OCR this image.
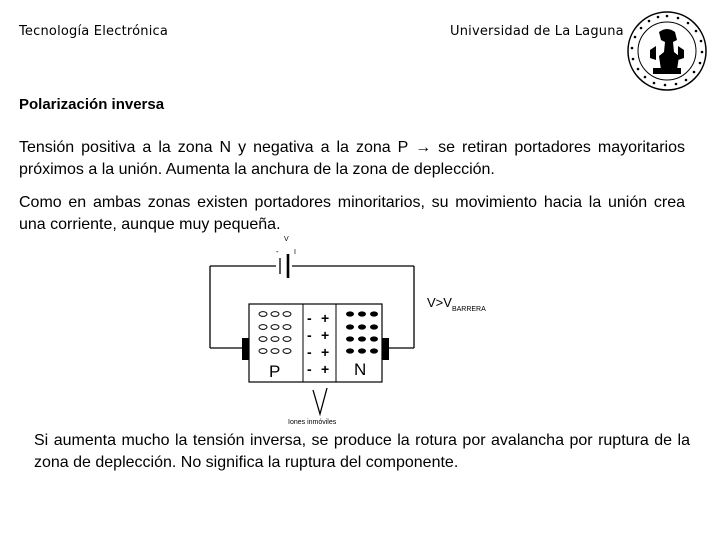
Tecnología Electrónica	Universidad de La Laguna
Polarización inversa
Tensión positiva a la zona N y negativa a la zona P → se retiran portadores mayoritarios próximos a la unión. Aumenta la anchura de la zona de deplección.
Como en ambas zonas existen portadores minoritarios, su movimiento hacia la unión crea una corriente, aunque muy pequeña.
V
- I
-
-
-
-
+
+
+
+
P	N
$V>V_{BARRERA}$
Iones inmóviles
Si aumenta mucho la tensión inversa, se produce la rotura por avalancha por ruptura de la zona de deplección. No significa la ruptura del componente.
